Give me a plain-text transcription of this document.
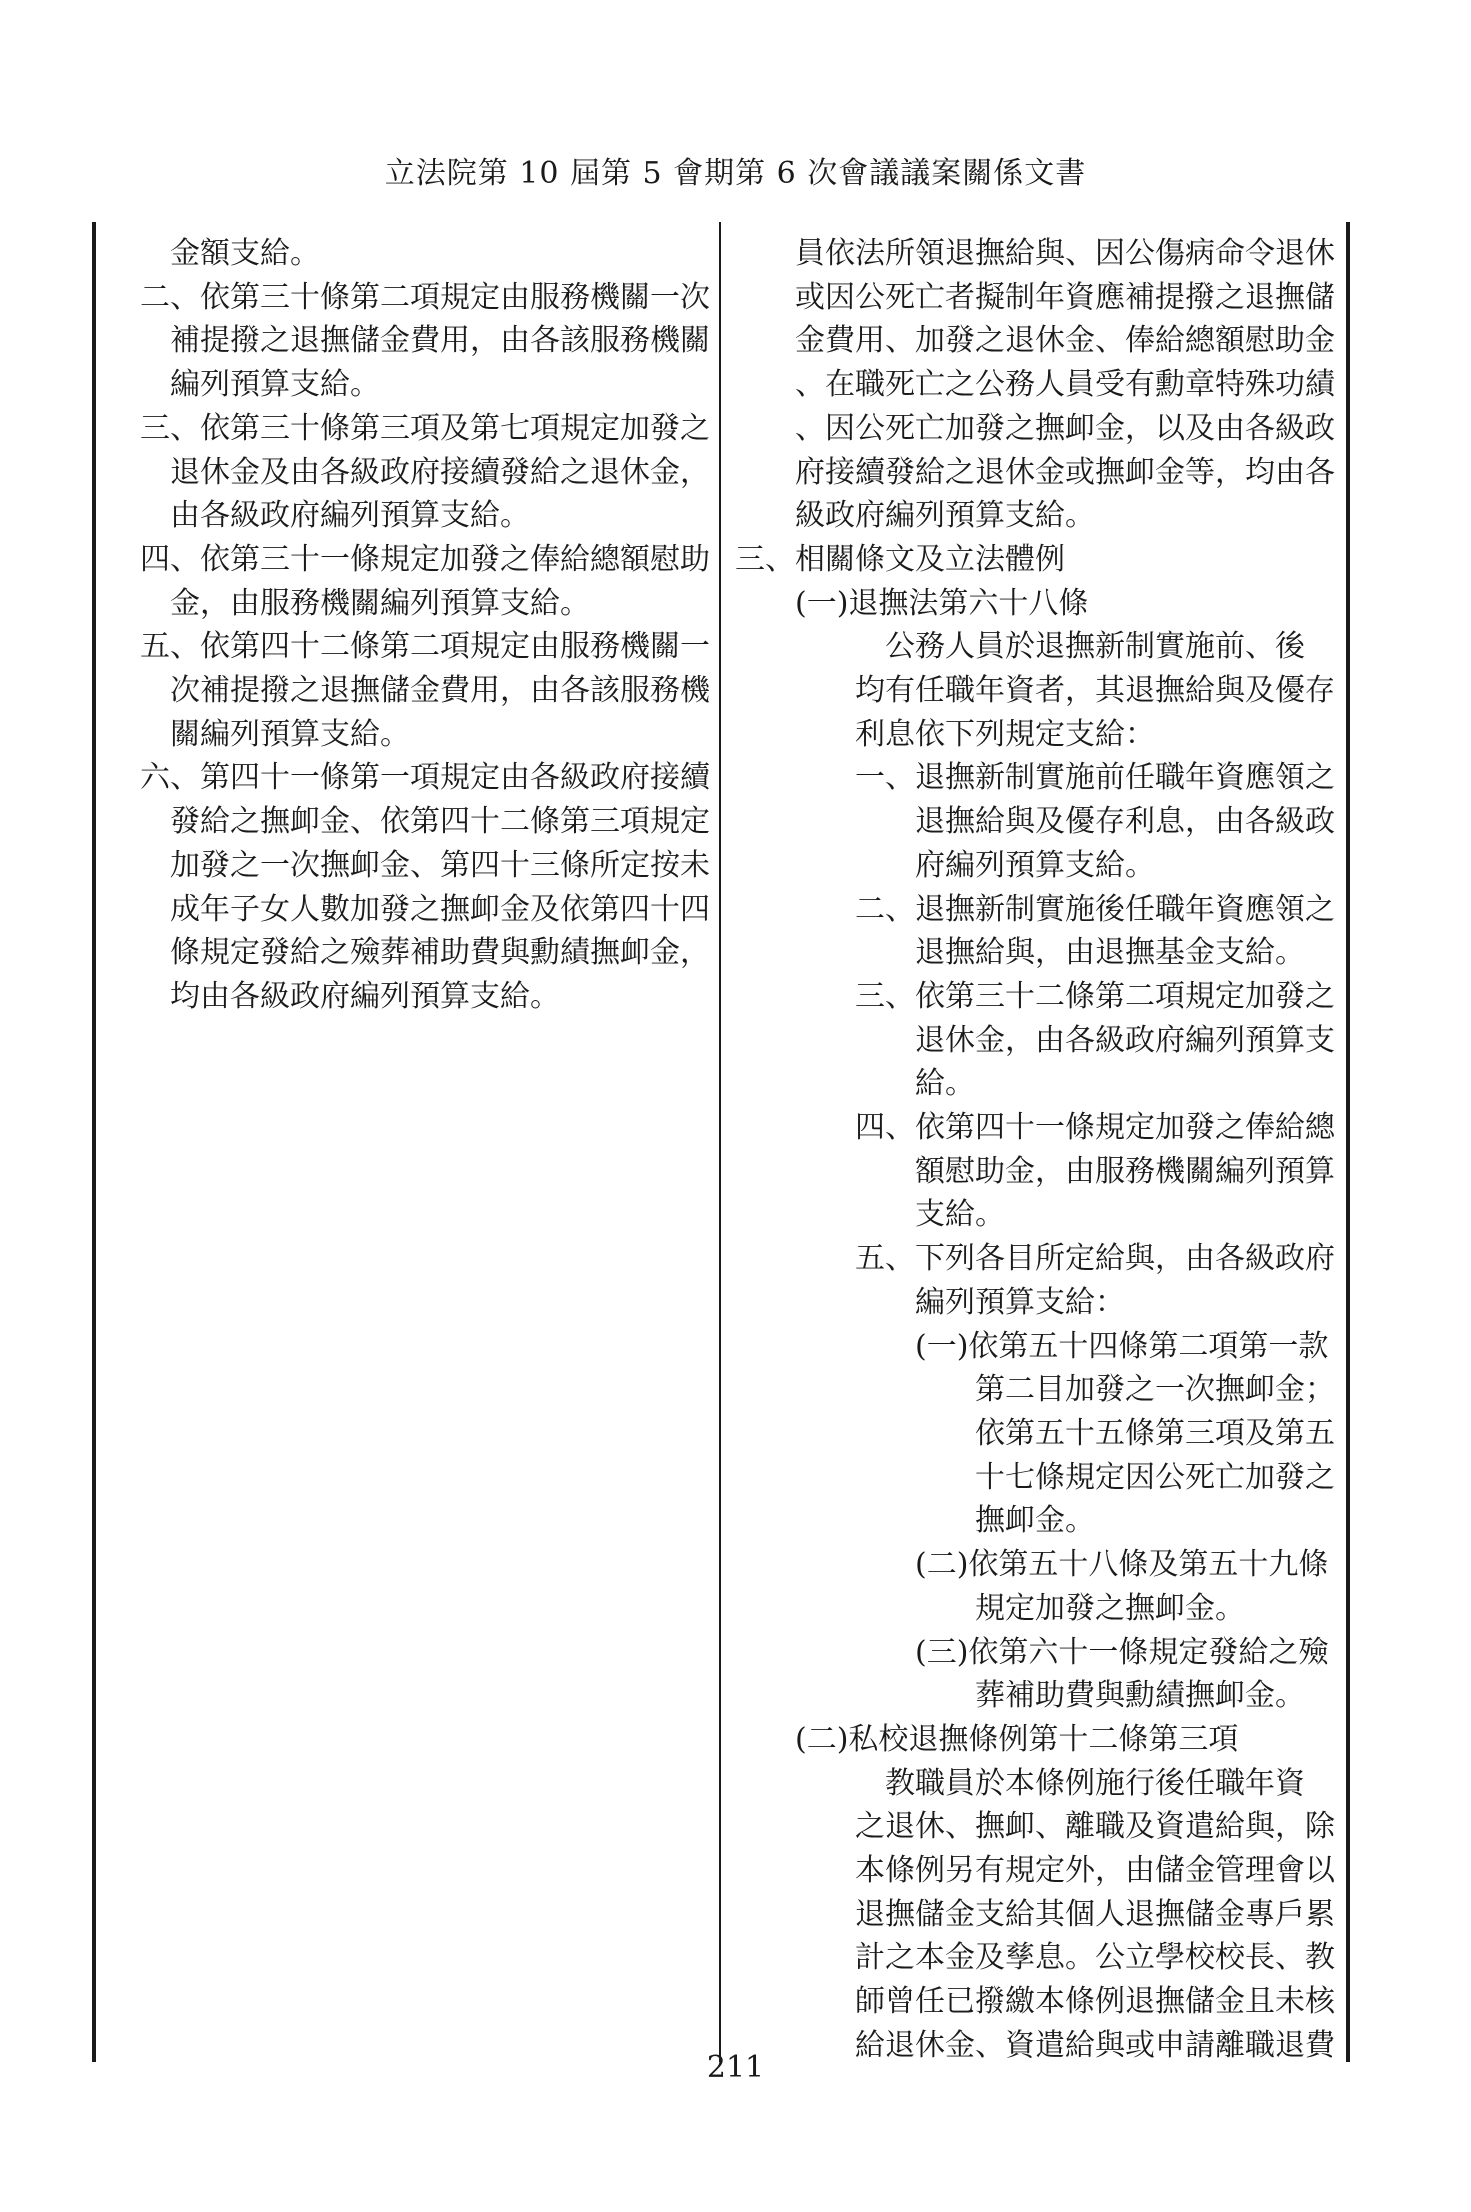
立法院第 10 屆第 5 會期第 6 次會議議案關係文書

金額支給。

二、依第三十條第二項規定由服務機關一次

補提撥之退撫儲金費用，由各該服務機關

編列預算支給。

三、依第三十條第三項及第七項規定加發之

退休金及由各級政府接續發給之退休金，

由各級政府編列預算支給。

四、依第三十一條規定加發之俸給總額慰助

金，由服務機關編列預算支給。

五、依第四十二條第二項規定由服務機關一

次補提撥之退撫儲金費用，由各該服務機

關編列預算支給。

六、第四十一條第一項規定由各級政府接續

發給之撫卹金、依第四十二條第三項規定

加發之一次撫卹金、第四十三條所定按未

成年子女人數加發之撫卹金及依第四十四

條規定發給之殮葬補助費與勳績撫卹金，

均由各級政府編列預算支給。

員依法所領退撫給與、因公傷病命令退休

或因公死亡者擬制年資應補提撥之退撫儲

金費用、加發之退休金、俸給總額慰助金

、在職死亡之公務人員受有勳章特殊功績

、因公死亡加發之撫卹金，以及由各級政

府接續發給之退休金或撫卹金等，均由各

級政府編列預算支給。

三、相關條文及立法體例

(一)退撫法第六十八條

公務人員於退撫新制實施前、後

均有任職年資者，其退撫給與及優存

利息依下列規定支給：

一、退撫新制實施前任職年資應領之

退撫給與及優存利息，由各級政

府編列預算支給。

二、退撫新制實施後任職年資應領之

退撫給與，由退撫基金支給。

三、依第三十二條第二項規定加發之

退休金，由各級政府編列預算支

給。

四、依第四十一條規定加發之俸給總

額慰助金，由服務機關編列預算

支給。

五、下列各目所定給與，由各級政府

編列預算支給：

(一)依第五十四條第二項第一款

第二目加發之一次撫卹金；

依第五十五條第三項及第五

十七條規定因公死亡加發之

撫卹金。

(二)依第五十八條及第五十九條

規定加發之撫卹金。

(三)依第六十一條規定發給之殮

葬補助費與勳績撫卹金。

(二)私校退撫條例第十二條第三項

教職員於本條例施行後任職年資

之退休、撫卹、離職及資遣給與，除

本條例另有規定外，由儲金管理會以

退撫儲金支給其個人退撫儲金專戶累

計之本金及孳息。公立學校校長、教

師曾任已撥繳本條例退撫儲金且未核

給退休金、資遣給與或申請離職退費

211
